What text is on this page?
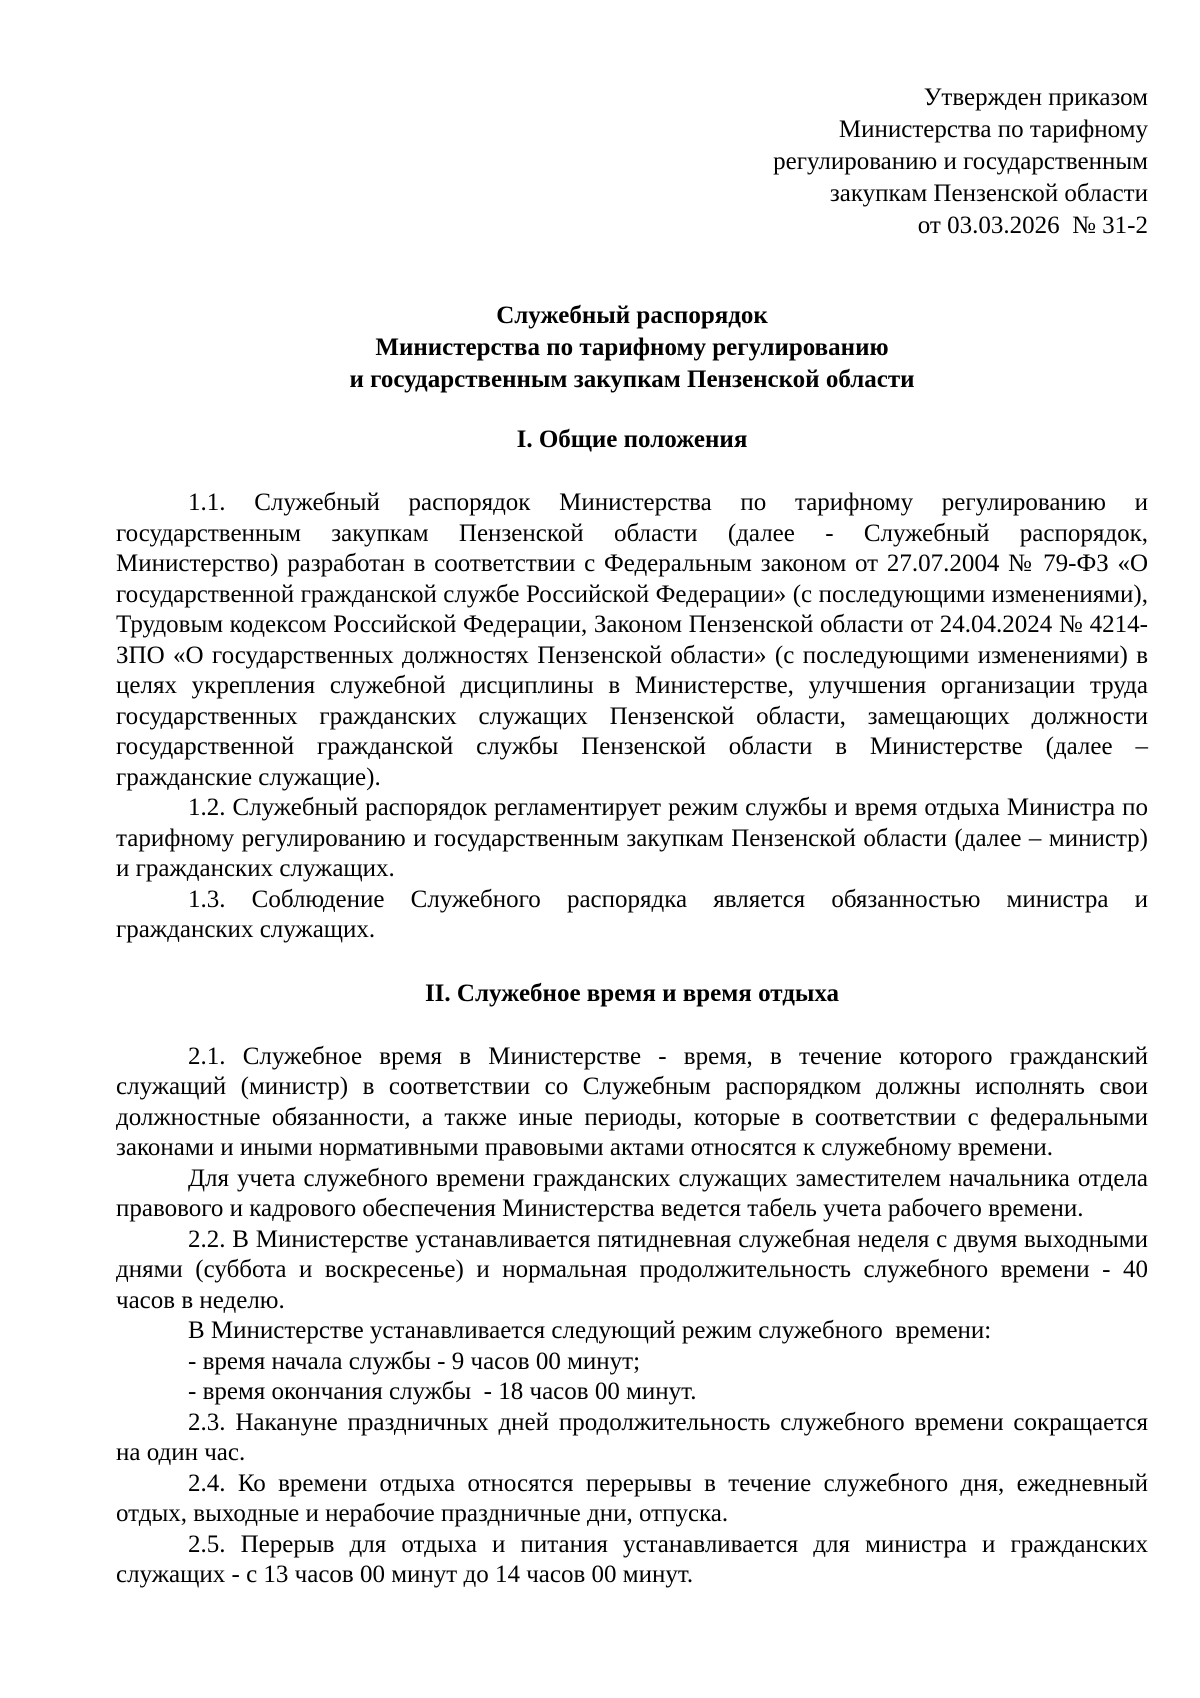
Утвержден приказом
Министерства по тарифному
регулированию и государственным
закупкам Пензенской области
от 03.03.2026  № 31-2
Служебный распорядок
Министерства по тарифному регулированию
и государственным закупкам Пензенской области
I. Общие положения

1.1. Служебный распорядок Министерства по тарифному регулированию и государственным закупкам Пензенской области (далее - Служебный распорядок, Министерство) разработан в соответствии с Федеральным законом от 27.07.2004 № 79-ФЗ «О государственной гражданской службе Российской Федерации» (с последующими изменениями), Трудовым кодексом Российской Федерации, Законом Пензенской области от 24.04.2024 № 4214-ЗПО «О государственных должностях Пензенской области» (с последующими изменениями) в целях укрепления служебной дисциплины в Министерстве, улучшения организации труда государственных гражданских служащих Пензенской области, замещающих должности государственной гражданской службы Пензенской области в Министерстве (далее – гражданские служащие).

1.2. Служебный распорядок регламентирует режим службы и время отдыха Министра по тарифному регулированию и государственным закупкам Пензенской области (далее – министр) и гражданских служащих.

1.3. Соблюдение Служебного распорядка является обязанностью министра и гражданских служащих.

II. Служебное время и время отдыха

2.1. Служебное время в Министерстве - время, в течение которого гражданский служащий (министр) в соответствии со Служебным распорядком должны исполнять свои должностные обязанности, а также иные периоды, которые в соответствии с федеральными законами и иными нормативными правовыми актами относятся к служебному времени.

Для учета служебного времени гражданских служащих заместителем начальника отдела правового и кадрового обеспечения Министерства ведется табель учета рабочего времени.

2.2. В Министерстве устанавливается пятидневная служебная неделя с двумя выходными днями (суббота и воскресенье) и нормальная продолжительность служебного времени - 40 часов в неделю.

В Министерстве устанавливается следующий режим служебного  времени:

- время начала службы - 9 часов 00 минут;

- время окончания службы  - 18 часов 00 минут.

2.3. Накануне праздничных дней продолжительность служебного времени сокращается на один час.

2.4. Ко времени отдыха относятся перерывы в течение служебного дня, ежедневный отдых, выходные и нерабочие праздничные дни, отпуска.

2.5. Перерыв для отдыха и питания устанавливается для министра и гражданских служащих - с 13 часов 00 минут до 14 часов 00 минут.
